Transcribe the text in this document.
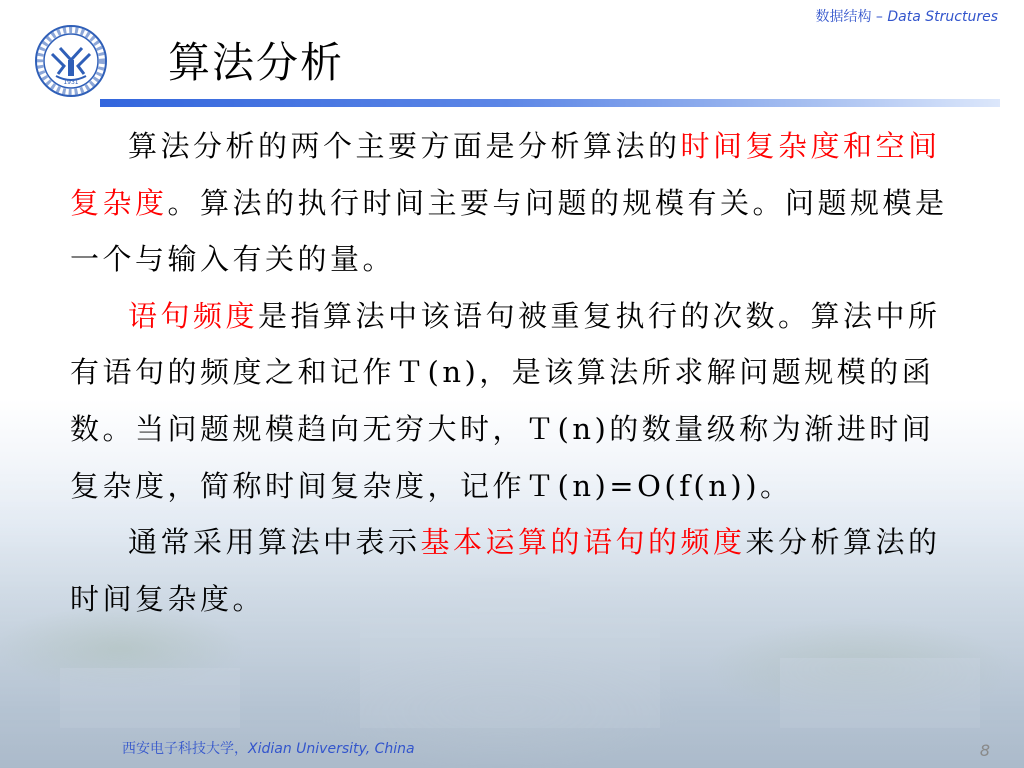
数据结构 – Data Structures
1931 算法分析

算法分析的两个主要方面是分析算法的时间复杂度和空间复杂度。算法的执行时间主要与问题的规模有关。问题规模是一个与输入有关的量。

语句频度是指算法中该语句被重复执行的次数。算法中所有语句的频度之和记作Ｔ(n)，是该算法所求解问题规模的函数。当问题规模趋向无穷大时，Ｔ(n)的数量级称为渐进时间复杂度，简称时间复杂度，记作Ｔ(n)=O(f(n))。

通常采用算法中表示基本运算的语句的频度来分析算法的时间复杂度。

西安电子科技大学，Xidian University, China	8
